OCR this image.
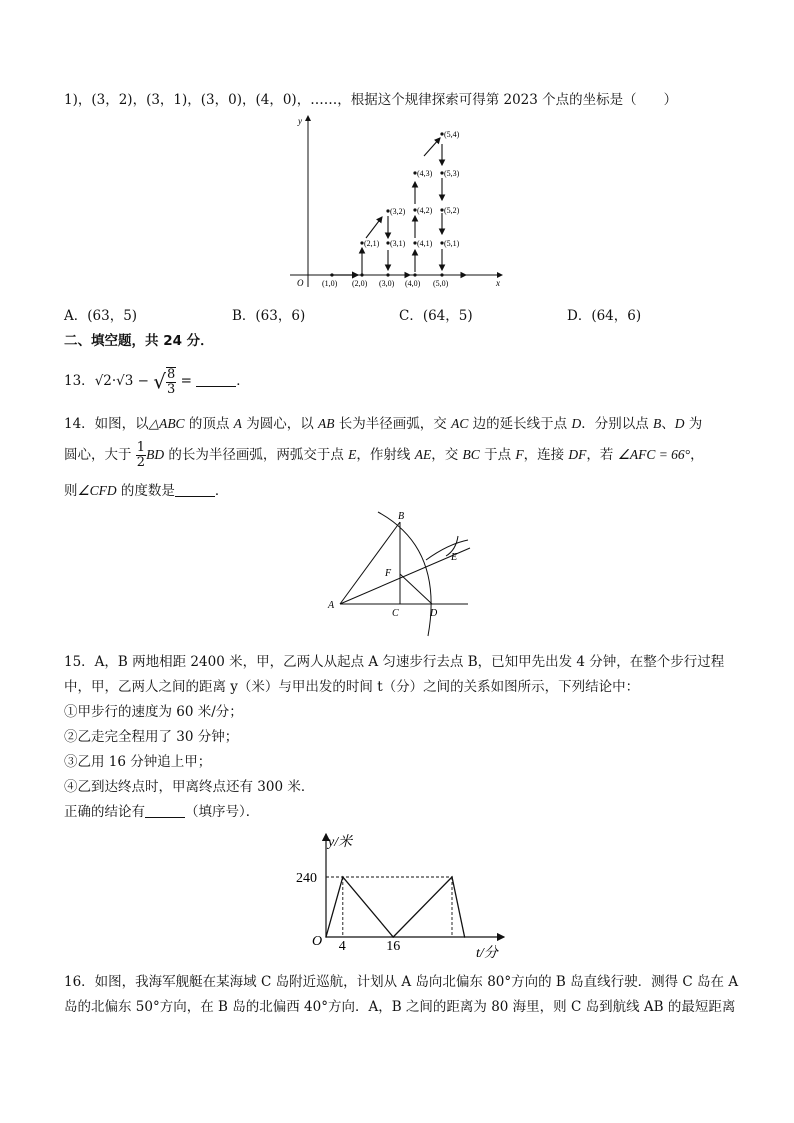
1)，(3，2)，(3，1)，(3，0)，(4，0)，……，根据这个规律探索可得第 2023 个点的坐标是（　　）
y
x
O (1,0) (2,0)
(2,1)
(3,2)
(3,1)
(3,0) (4,0)
(4,1)
(4,2)
(4,3)
(5,4)
(5,3)
(5,2)
(5,1)
(5,0)
A．(63，5)	B．(63，6)	C．(64，5)	D．(64，6)
二、填空题，共 24 分．
13．√2·√3 − √ $\frac{8}{3}$ =	．
14．如图，以△ABC 的顶点 A 为圆心，以 AB 长为半径画弧，交 AC 边的延长线于点 D．分别以点 B、D 为
圆心，大于 $\frac{1}{2}$ BD 的长为半径画弧，两弧交于点 E，作射线 AE，交 BC 于点 F，连接 DF，若 ∠AFC = 66°，
则∠CFD 的度数是	．
A
B
C	D
E
F
15．A，B 两地相距 2400 米，甲，乙两人从起点 A 匀速步行去点 B，已知甲先出发 4 分钟，在整个步行过程
中，甲，乙两人之间的距离 y（米）与甲出发的时间 t（分）之间的关系如图所示，下列结论中：
①甲步行的速度为 60 米/分；
②乙走完全程用了 30 分钟；
③乙用 16 分钟追上甲；
④乙到达终点时，甲离终点还有 300 米．
正确的结论有	（填序号）．
y/米
t/分
O
240
4	16
16．如图，我海军舰艇在某海域 C 岛附近巡航，计划从 A 岛向北偏东 80°方向的 B 岛直线行驶．测得 C 岛在 A
岛的北偏东 50°方向，在 B 岛的北偏西 40°方向．A，B 之间的距离为 80 海里，则 C 岛到航线 AB 的最短距离
